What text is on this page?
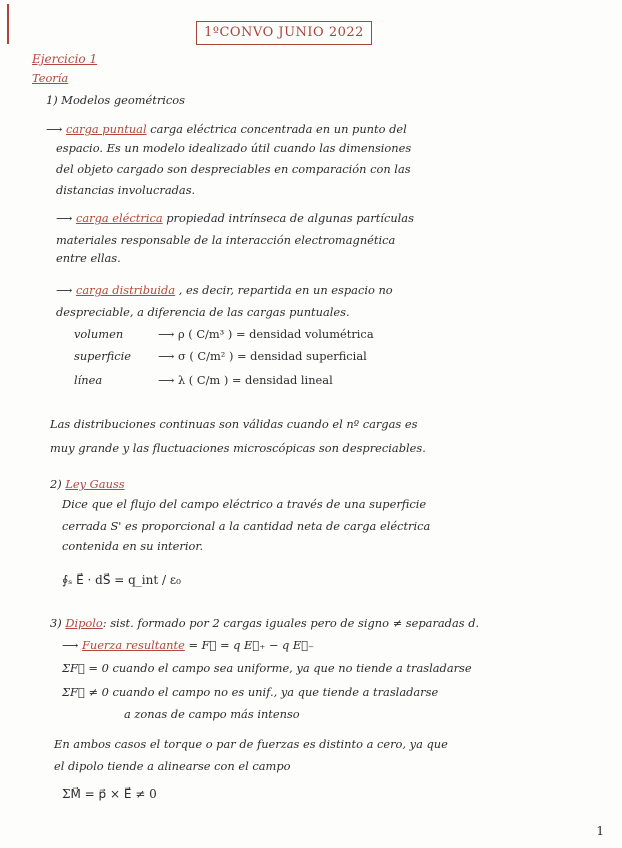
1ºCONVO JUNIO 2022
Ejercicio 1
Teoría
1) Modelos geométricos
⟶ carga puntual carga eléctrica concentrada en un punto del
espacio. Es un modelo idealizado útil cuando las dimensiones
del objeto cargado son despreciables en comparación con las
distancias involucradas.
⟶ carga eléctrica propiedad intrínseca de algunas partículas
materiales responsable de la interacción electromagnética
entre ellas.
⟶ carga distribuida , es decir, repartida en un espacio no
despreciable, a diferencia de las cargas puntuales.
volumen	⟶ ρ ( C/m³ ) = densidad volumétrica
superficie ⟶ σ ( C/m² ) = densidad superficial
línea	⟶ λ ( C/m ) = densidad lineal
Las distribuciones continuas son válidas cuando el nº cargas es
muy grande y las fluctuaciones microscópicas son despreciables.
2) Ley Gauss
Dice que el flujo del campo eléctrico a través de una superficie
cerrada S' es proporcional a la cantidad neta de carga eléctrica
contenida en su interior.
∮ₛ E⃗ · dS⃗ = q_int / ε₀
3) Dipolo: sist. formado por 2 cargas iguales pero de signo ≠ separadas d.
⟶ Fuerza resultante = F⃗ = q E⃗₊ − q E⃗₋
ΣF⃗ = 0 cuando el campo sea uniforme, ya que no tiende a trasladarse
ΣF⃗ ≠ 0 cuando el campo no es unif., ya que tiende a trasladarse
a zonas de campo más intenso
En ambos casos el torque o par de fuerzas es distinto a cero, ya que
el dipolo tiende a alinearse con el campo
ΣM⃗ = p⃗ × E⃗ ≠ 0
1
